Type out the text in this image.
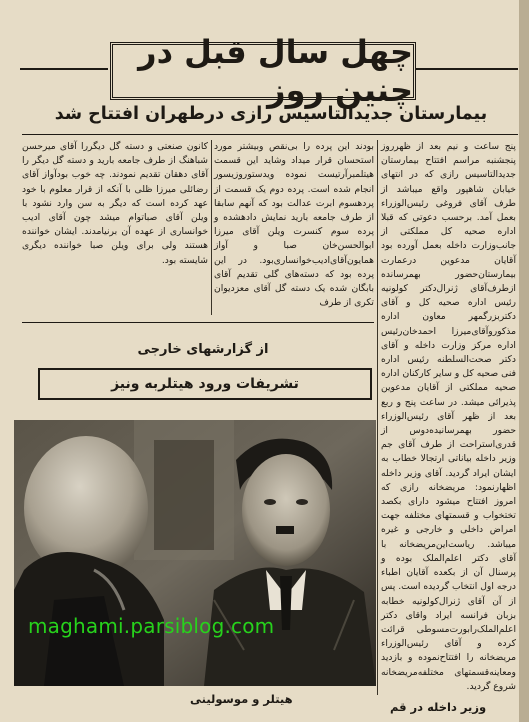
چهل سال قبل در چنین روز
بیمارستان جدیدالتاسیس رازی درطهران افتتاح شد

پنج ساعت و نیم بعد از ظهرروز پنجشنبه مراسم افتتاح بیمارستان جدیدالتاسیس رازی که در انتهای خیابان شاهپور واقع میباشد از طرف آقای فروغی رئیس‌الوزراء بعمل آمد. برحسب دعوتی که قبلا اداره صحیه کل مملکتی از جانب‌وزارت داخله بعمل آورده بود آقایان مدعوین درعمارت بیمارستان‌حضور بهمرسانده ازطرف‌آقای ژنرال‌دکتر کولونیه رئیس اداره صحیه کل و آقای دکتربزرگمهر معاون اداره مذکوروآقای‌میرزا احمدخان‌رئیس اداره مرکز وزارت داخله و آقای دکتر صحت‌السلطنه رئیس اداره فنی صحیه کل و سایر کارکنان اداره صحیه مملکتی از آقایان مدعوین پذیرائی میشد. در ساعت پنج و ربع بعد از ظهر آقای رئیس‌الوزراء حضور بهمرسانیده‌دوس از قدری‌استراحت از طرف آقای جم وزیر داخله بیاناتی ارتجالا خطاب به ایشان ایراد گردید. آقای وزیر داخله اظهارنمود: مریضخانه رازی که امروز افتتاح میشود دارای بکصد تختخواب و قسمتهای مختلفه جهت امراض داخلی و خارجی و غیره میباشد. ریاست‌این‌مریضخانه با آقای دکتر اعلم‌الملک بوده و پرسنال آن از بکعده آقایان اطباء درجه اول انتخاب گردیده است. پس از آن آقای ژنرال‌کولونیه خطابه بزبان فرانسه ایراد واقای دکتر اعلم‌الملک‌رابورت‌مسوطی قرائت کرده و آقای رئیس‌الوزراء مریضخانه را افتتاح‌نموده و بازدید ومعاینه‌قسمتهای مختلفه‌مریضخانه شروع گردید.

بودند این پرده را بی‌نقص وبیشتر مورد استحسان قرار میداد وشاید این قسمت هیتلمبرآرتیست نموده ویدستوروزیسور انجام شده است. پرده دوم یک قسمت از پردهسوم ابرت عدالت بود که آنهم سابقا از طرف جامعه بارید نمایش دادهشده و پرده سوم کنسرت ویلن آقای میرزا ابوالحسن‌خان صبا و آواز همایون‌آقای‌ادیب‌خوانساری‌بود. در این پرده بود که دسته‌های گلی تقدیم آقای بابگان شده یک دسته گل آقای معزدیوان تکری از طرف

کانون صنعتی و دسته گل دیگررا آقای میرحسن شباهنگ از طرف جامعه بارید و دسته گل دیگر را آقای دهقان تقدیم نمودند. چه خوب بودآواز آقای رضائلی میرزا ظلی با آنکه از قرار معلوم با خود عهد کرده است که دیگر به سن وارد نشود با ویلن آقای صباتوام میشد چون آقای ادیب خوانساری از عهده آن برنیامدند. ایشان خواننده هستند ولی برای ویلن صبا خواننده دیگری شایسته بود.

از گزارشهای خارجی
تشریفات ورود هیتلربه ونیز
هیتلر و موسولینی
وزیر داخله در قم
maghami.parsiblog.com
